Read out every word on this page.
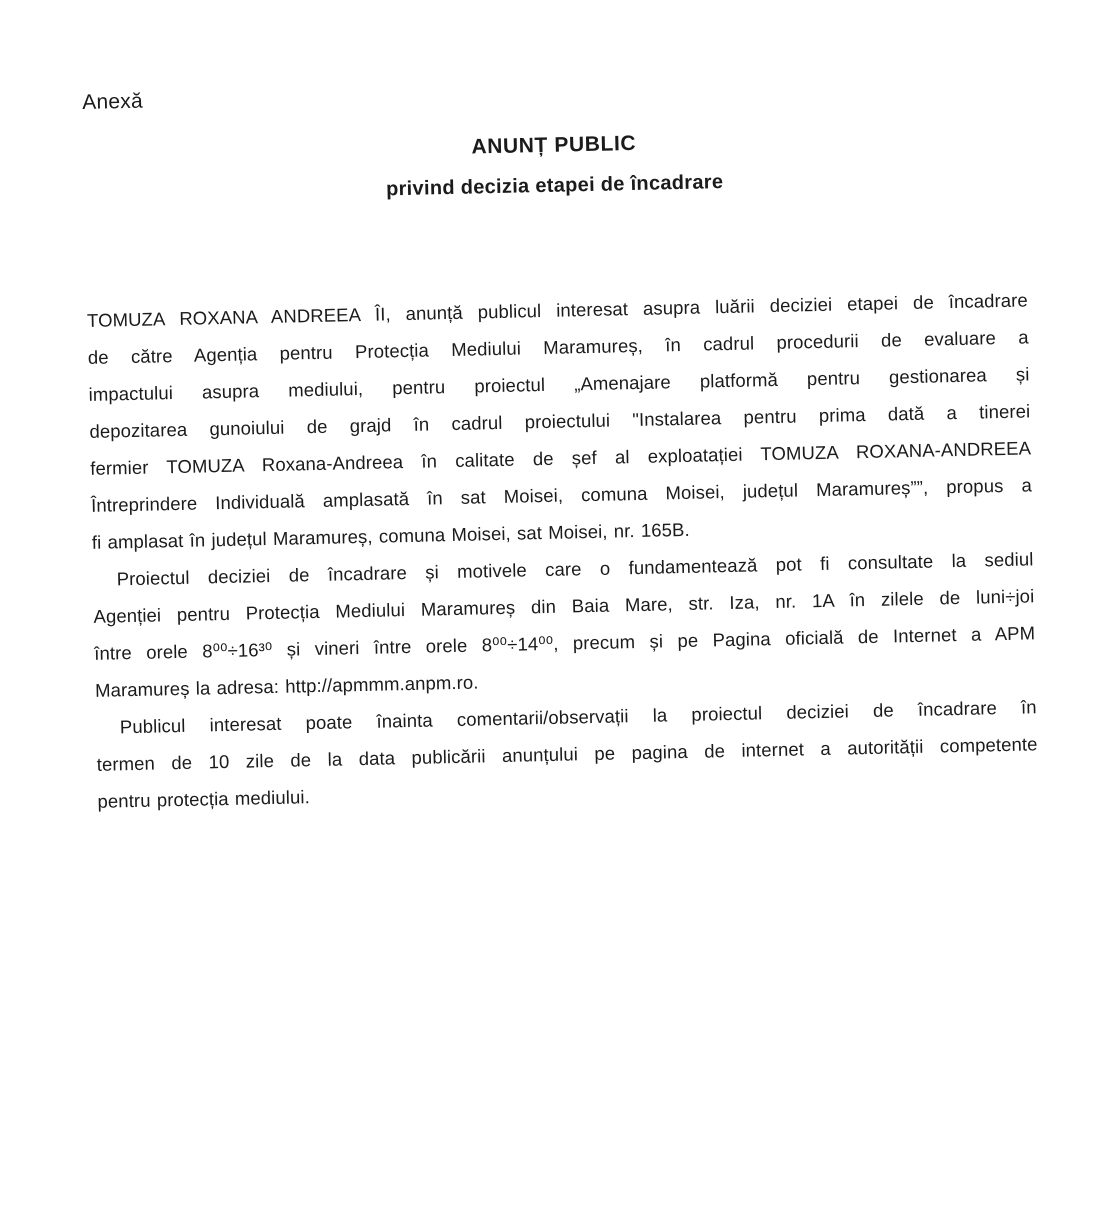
Anexă
ANUNȚ PUBLIC
privind decizia etapei de încadrare
TOMUZA ROXANA ANDREEA ÎI, anunță publicul interesat asupra luării deciziei etapei de încadrare
de către Agenția pentru Protecția Mediului Maramureș, în cadrul procedurii de evaluare a
impactului asupra mediului, pentru proiectul „Amenajare platformă pentru gestionarea și
depozitarea gunoiului de grajd în cadrul proiectului "Instalarea pentru prima dată a tinerei
fermier TOMUZA Roxana-Andreea în calitate de șef al exploatației TOMUZA ROXANA-ANDREEA
Întreprindere Individuală amplasată în sat Moisei, comuna Moisei, județul Maramureș””, propus a
fi amplasat în județul Maramureș, comuna Moisei, sat Moisei, nr. 165B.
Proiectul deciziei de încadrare și motivele care o fundamentează pot fi consultate la sediul
Agenției pentru Protecția Mediului Maramureș din Baia Mare, str. Iza, nr. 1A în zilele de luni÷joi
între orele 8⁰⁰÷16³⁰ și vineri între orele 8⁰⁰÷14⁰⁰, precum și pe Pagina oficială de Internet a APM
Maramureș la adresa: http://apmmm.anpm.ro.
Publicul interesat poate înainta comentarii/observații la proiectul deciziei de încadrare în
termen de 10 zile de la data publicării anunțului pe pagina de internet a autorității competente
pentru protecția mediului.
